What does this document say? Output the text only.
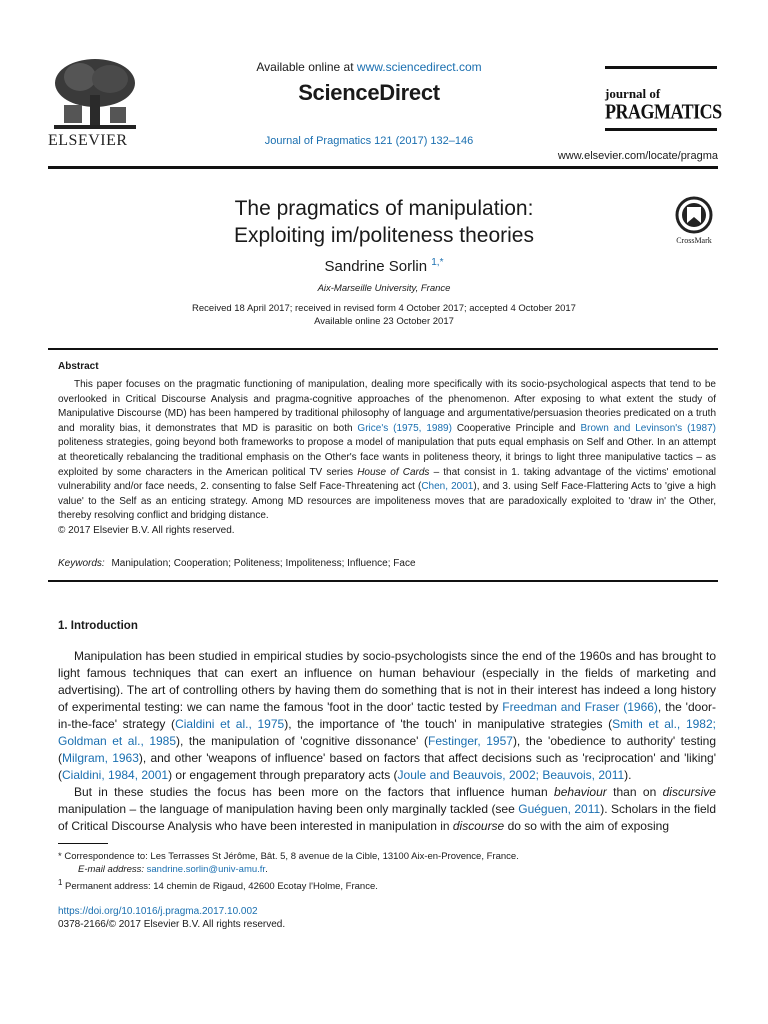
ELSEVIER
Available online at www.sciencedirect.com
ScienceDirect
Journal of Pragmatics 121 (2017) 132–146
journal of
PRAGMATICS
www.elsevier.com/locate/pragma
The pragmatics of manipulation:
Exploiting im/politeness theories	CrossMark
Sandrine Sorlin $^{1,*}$
Aix-Marseille University, France
Received 18 April 2017; received in revised form 4 October 2017; accepted 4 October 2017
Available online 23 October 2017
Abstract
This paper focuses on the pragmatic functioning of manipulation, dealing more specifically with its socio-psychological aspects that tend to be overlooked in Critical Discourse Analysis and pragma-cognitive approaches of the phenomenon. After exposing to what extent the study of Manipulative Discourse (MD) has been hampered by traditional philosophy of language and argumentative/persuasion theories predicated on a truth and morality bias, it demonstrates that MD is parasitic on both Grice's (1975, 1989) Cooperative Principle and Brown and Levinson's (1987) politeness strategies, going beyond both frameworks to propose a model of manipulation that puts equal emphasis on Self and Other. In an attempt at theoretically rebalancing the traditional emphasis on the Other's face wants in politeness theory, it brings to light three manipulative tactics – as exploited by some characters in the American political TV series House of Cards – that consist in 1. taking advantage of the victims' emotional vulnerability and/or face needs, 2. consenting to false Self Face-Threatening act (Chen, 2001), and 3. using Self Face-Flattering Acts to 'give a high value' to the Self as an enticing strategy. Among MD resources are impoliteness moves that are paradoxically exploited to 'draw in' the Other, thereby resolving conflict and bridging distance.
© 2017 Elsevier B.V. All rights reserved.
Keywords: Manipulation; Cooperation; Politeness; Impoliteness; Influence; Face
1. Introduction

Manipulation has been studied in empirical studies by socio-psychologists since the end of the 1960s and has brought to light famous techniques that can exert an influence on human behaviour (especially in the fields of marketing and advertising). The art of controlling others by having them do something that is not in their interest has indeed a long history of experimental testing: we can name the famous 'foot in the door' tactic tested by Freedman and Fraser (1966), the 'door-in-the-face' strategy (Cialdini et al., 1975), the importance of 'the touch' in manipulative strategies (Smith et al., 1982; Goldman et al., 1985), the manipulation of 'cognitive dissonance' (Festinger, 1957), the 'obedience to authority' testing (Milgram, 1963), and other 'weapons of influence' based on factors that affect decisions such as 'reciprocation' and 'liking' (Cialdini, 1984, 2001) or engagement through preparatory acts (Joule and Beauvois, 2002; Beauvois, 2011).

But in these studies the focus has been more on the factors that influence human behaviour than on discursive manipulation – the language of manipulation having been only marginally tackled (see Guéguen, 2011). Scholars in the field of Critical Discourse Analysis who have been interested in manipulation in discourse do so with the aim of exposing

* Correspondence to: Les Terrasses St Jérôme, Bât. 5, 8 avenue de la Cible, 13100 Aix-en-Provence, France.
E-mail address: sandrine.sorlin@univ-amu.fr.
$^1$ Permanent address: 14 chemin de Rigaud, 42600 Ecotay l'Holme, France.
https://doi.org/10.1016/j.pragma.2017.10.002
0378-2166/© 2017 Elsevier B.V. All rights reserved.
